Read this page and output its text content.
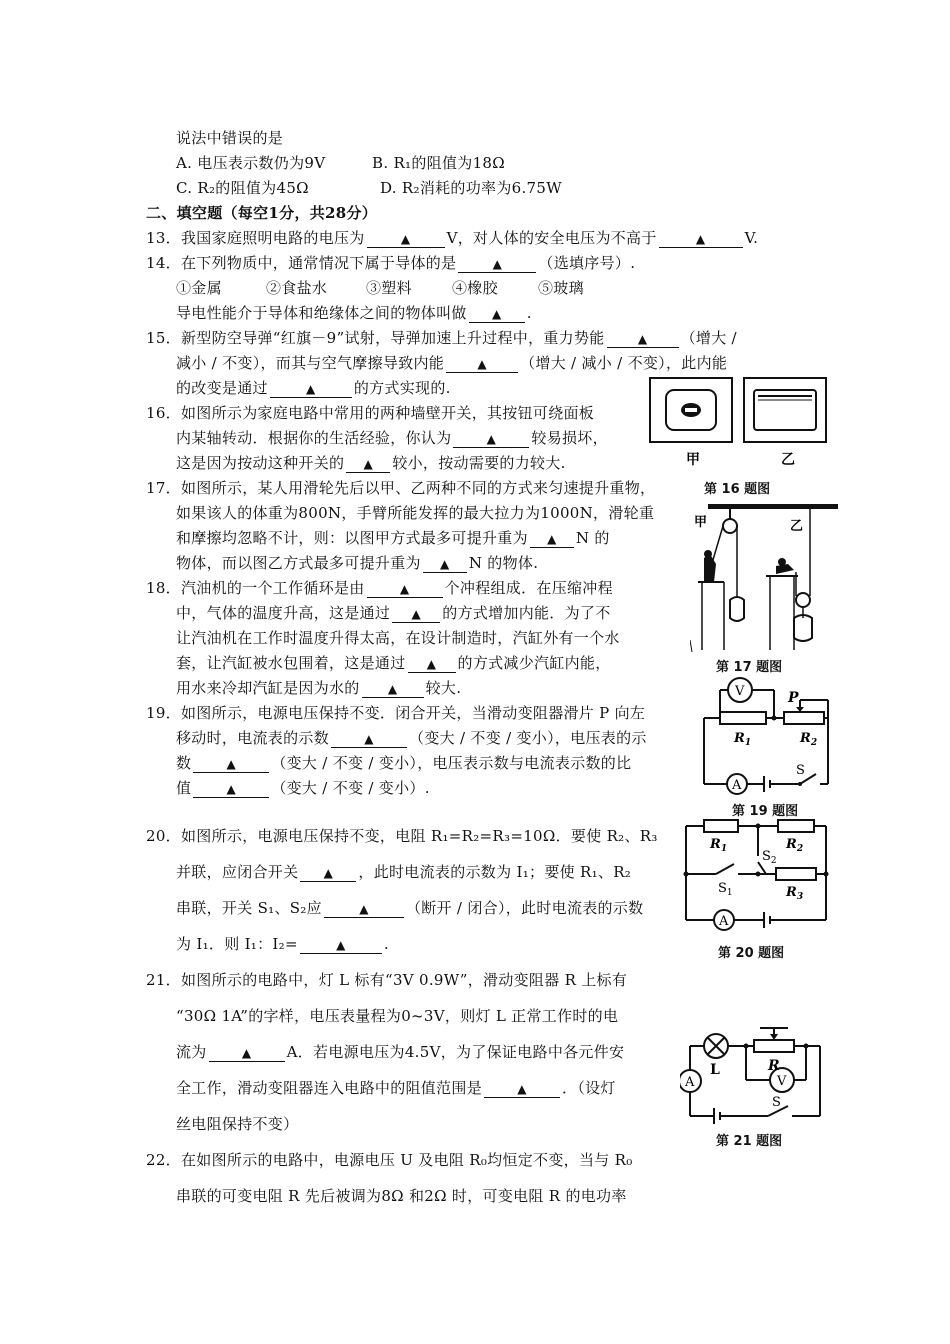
说法中错误的是
A. 电压表示数仍为9V	B. R₁的阻值为18Ω
C. R₂的阻值为45Ω	D. R₂消耗的功率为6.75W
二、填空题（每空1分，共28分）
13．我国家庭照明电路的电压为	▲ V，对人体的安全电压为不高于	▲	V.
14．在下列物质中，通常情况下属于导体的是	▲ （选填序号）.
①金属	②食盐水	③塑料	④橡胶	⑤玻璃
导电性能介于导体和绝缘体之间的物体叫做 ▲ .
15．新型防空导弹“红旗－9”试射，导弹加速上升过程中，重力势能	▲ （增大 /
减小 / 不变），而其与空气摩擦导致内能	▲ （增大 / 减小 / 不变），此内能
的改变是通过	▲	的方式实现的.
16．如图所示为家庭电路中常用的两种墙壁开关，其按钮可绕面板
内某轴转动．根据你的生活经验，你认为	▲ 较易损坏，
这是因为按动这种开关的 ▲ 较小，按动需要的力较大.	甲	乙
第 16 题图
17．如图所示，某人用滑轮先后以甲、乙两种不同的方式来匀速提升重物，
如果该人的体重为800N，手臂所能发挥的最大拉力为1000N，滑轮重
和摩擦均忽略不计，则：以图甲方式最多可提升重为 ▲ N 的
物体，而以图乙方式最多可提升重为 ▲ N 的物体.
甲	乙
第 17 题图
18．汽油机的一个工作循环是由	▲ 个冲程组成．在压缩冲程
中，气体的温度升高，这是通过 ▲ 的方式增加内能．为了不
让汽油机在工作时温度升得太高，在设计制造时，汽缸外有一个水
套，让汽缸被水包围着，这是通过 ▲ 的方式减少汽缸内能，
用水来冷却汽缸是因为水的 ▲ 较大.	V
A
P
$R_1$	$R_2$
S
第 19 题图
19．如图所示，电源电压保持不变．闭合开关，当滑动变阻器滑片 P 向左
移动时，电流表的示数	▲ （变大 / 不变 / 变小），电压表的示
数	▲ （变大 / 不变 / 变小），电压表示数与电流表示数的比
值	▲ （变大 / 不变 / 变小）.
20．如图所示，电源电压保持不变，电阻 R₁=R₂=R₃=10Ω．要使 R₂、R₃
并联，应闭合开关 ▲ ，此时电流表的示数为 I₁；要使 R₁、R₂
串联，开关 S₁、S₂应	▲ （断开 / 闭合），此时电流表的示数
为 I₁．则 I₁：I₂=	▲	.
$R_1$	$R_2$
$R_3$
$S_2$
$S_1$
A
第 20 题图
21．如图所示的电路中，灯 L 标有“3V 0.9W”，滑动变阻器 R 上标有
“30Ω 1A”的字样，电压表量程为0~3V，则灯 L 正常工作时的电
流为	▲ A．若电源电压为4.5V，为了保证电路中各元件安
全工作，滑动变阻器连入电路中的阻值范围是	▲ ．（设灯
丝电阻保持不变）
A	V
L	R
S
第 21 题图
22．在如图所示的电路中，电源电压 U 及电阻 R₀均恒定不变，当与 R₀
串联的可变电阻 R 先后被调为8Ω 和2Ω 时，可变电阻 R 的电功率
